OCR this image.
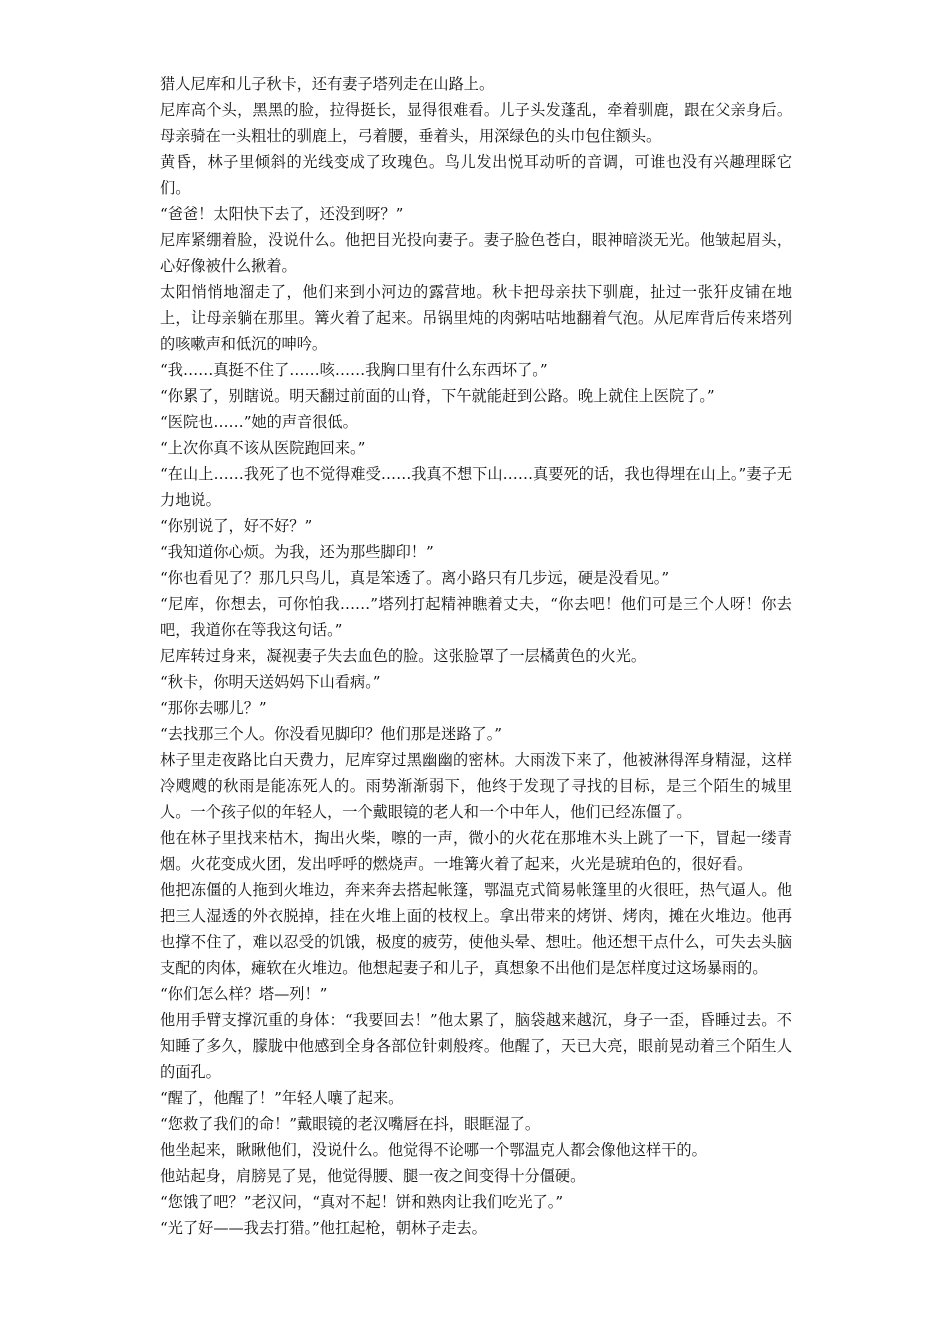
猎人尼库和儿子秋卡，还有妻子塔列走在山路上。

尼库高个头，黑黑的脸，拉得挺长，显得很难看。儿子头发蓬乱，牵着驯鹿，跟在父亲身后。母亲骑在一头粗壮的驯鹿上，弓着腰，垂着头，用深绿色的头巾包住额头。

黄昏，林子里倾斜的光线变成了玫瑰色。鸟儿发出悦耳动听的音调，可谁也没有兴趣理睬它们。

“爸爸！太阳快下去了，还没到呀？”

尼库紧绷着脸，没说什么。他把目光投向妻子。妻子脸色苍白，眼神暗淡无光。他皱起眉头，心好像被什么揪着。

太阳悄悄地溜走了，他们来到小河边的露营地。秋卡把母亲扶下驯鹿，扯过一张犴皮铺在地上，让母亲躺在那里。篝火着了起来。吊锅里炖的肉粥咕咕地翻着气泡。从尼库背后传来塔列的咳嗽声和低沉的呻吟。

“我……真挺不住了……咳……我胸口里有什么东西坏了。”

“你累了，别瞎说。明天翻过前面的山脊，下午就能赶到公路。晚上就住上医院了。”

“医院也……”她的声音很低。

“上次你真不该从医院跑回来。”

“在山上……我死了也不觉得难受……我真不想下山……真要死的话，我也得埋在山上。”妻子无力地说。

“你别说了，好不好？”

“我知道你心烦。为我，还为那些脚印！”

“你也看见了？那几只鸟儿，真是笨透了。离小路只有几步远，硬是没看见。”

“尼库，你想去，可你怕我……”塔列打起精神瞧着丈夫，“你去吧！他们可是三个人呀！你去吧，我道你在等我这句话。”

尼库转过身来，凝视妻子失去血色的脸。这张脸罩了一层橘黄色的火光。

“秋卡，你明天送妈妈下山看病。”

“那你去哪儿？”

“去找那三个人。你没看见脚印？他们那是迷路了。”

林子里走夜路比白天费力，尼库穿过黑幽幽的密林。大雨泼下来了，他被淋得浑身精湿，这样冷飕飕的秋雨是能冻死人的。雨势渐渐弱下，他终于发现了寻找的目标，是三个陌生的城里人。一个孩子似的年轻人，一个戴眼镜的老人和一个中年人，他们已经冻僵了。

他在林子里找来枯木，掏出火柴，嚓的一声，微小的火花在那堆木头上跳了一下，冒起一缕青烟。火花变成火团，发出呼呼的燃烧声。一堆篝火着了起来，火光是琥珀色的，很好看。

他把冻僵的人拖到火堆边，奔来奔去搭起帐篷，鄂温克式简易帐篷里的火很旺，热气逼人。他把三人湿透的外衣脱掉，挂在火堆上面的枝杈上。拿出带来的烤饼、烤肉，摊在火堆边。他再也撑不住了，难以忍受的饥饿，极度的疲劳，使他头晕、想吐。他还想干点什么，可失去头脑支配的肉体，瘫软在火堆边。他想起妻子和儿子，真想象不出他们是怎样度过这场暴雨的。

“你们怎么样？塔—列！”

他用手臂支撑沉重的身体：“我要回去！”他太累了，脑袋越来越沉，身子一歪，昏睡过去。不知睡了多久，朦胧中他感到全身各部位针刺般疼。他醒了，天已大亮，眼前晃动着三个陌生人的面孔。

“醒了，他醒了！”年轻人嚷了起来。

“您救了我们的命！”戴眼镜的老汉嘴唇在抖，眼眶湿了。

他坐起来，瞅瞅他们，没说什么。他觉得不论哪一个鄂温克人都会像他这样干的。

他站起身，肩膀晃了晃，他觉得腰、腿一夜之间变得十分僵硬。

“您饿了吧？”老汉问，“真对不起！饼和熟肉让我们吃光了。”

“光了好——我去打猎。”他扛起枪，朝林子走去。
